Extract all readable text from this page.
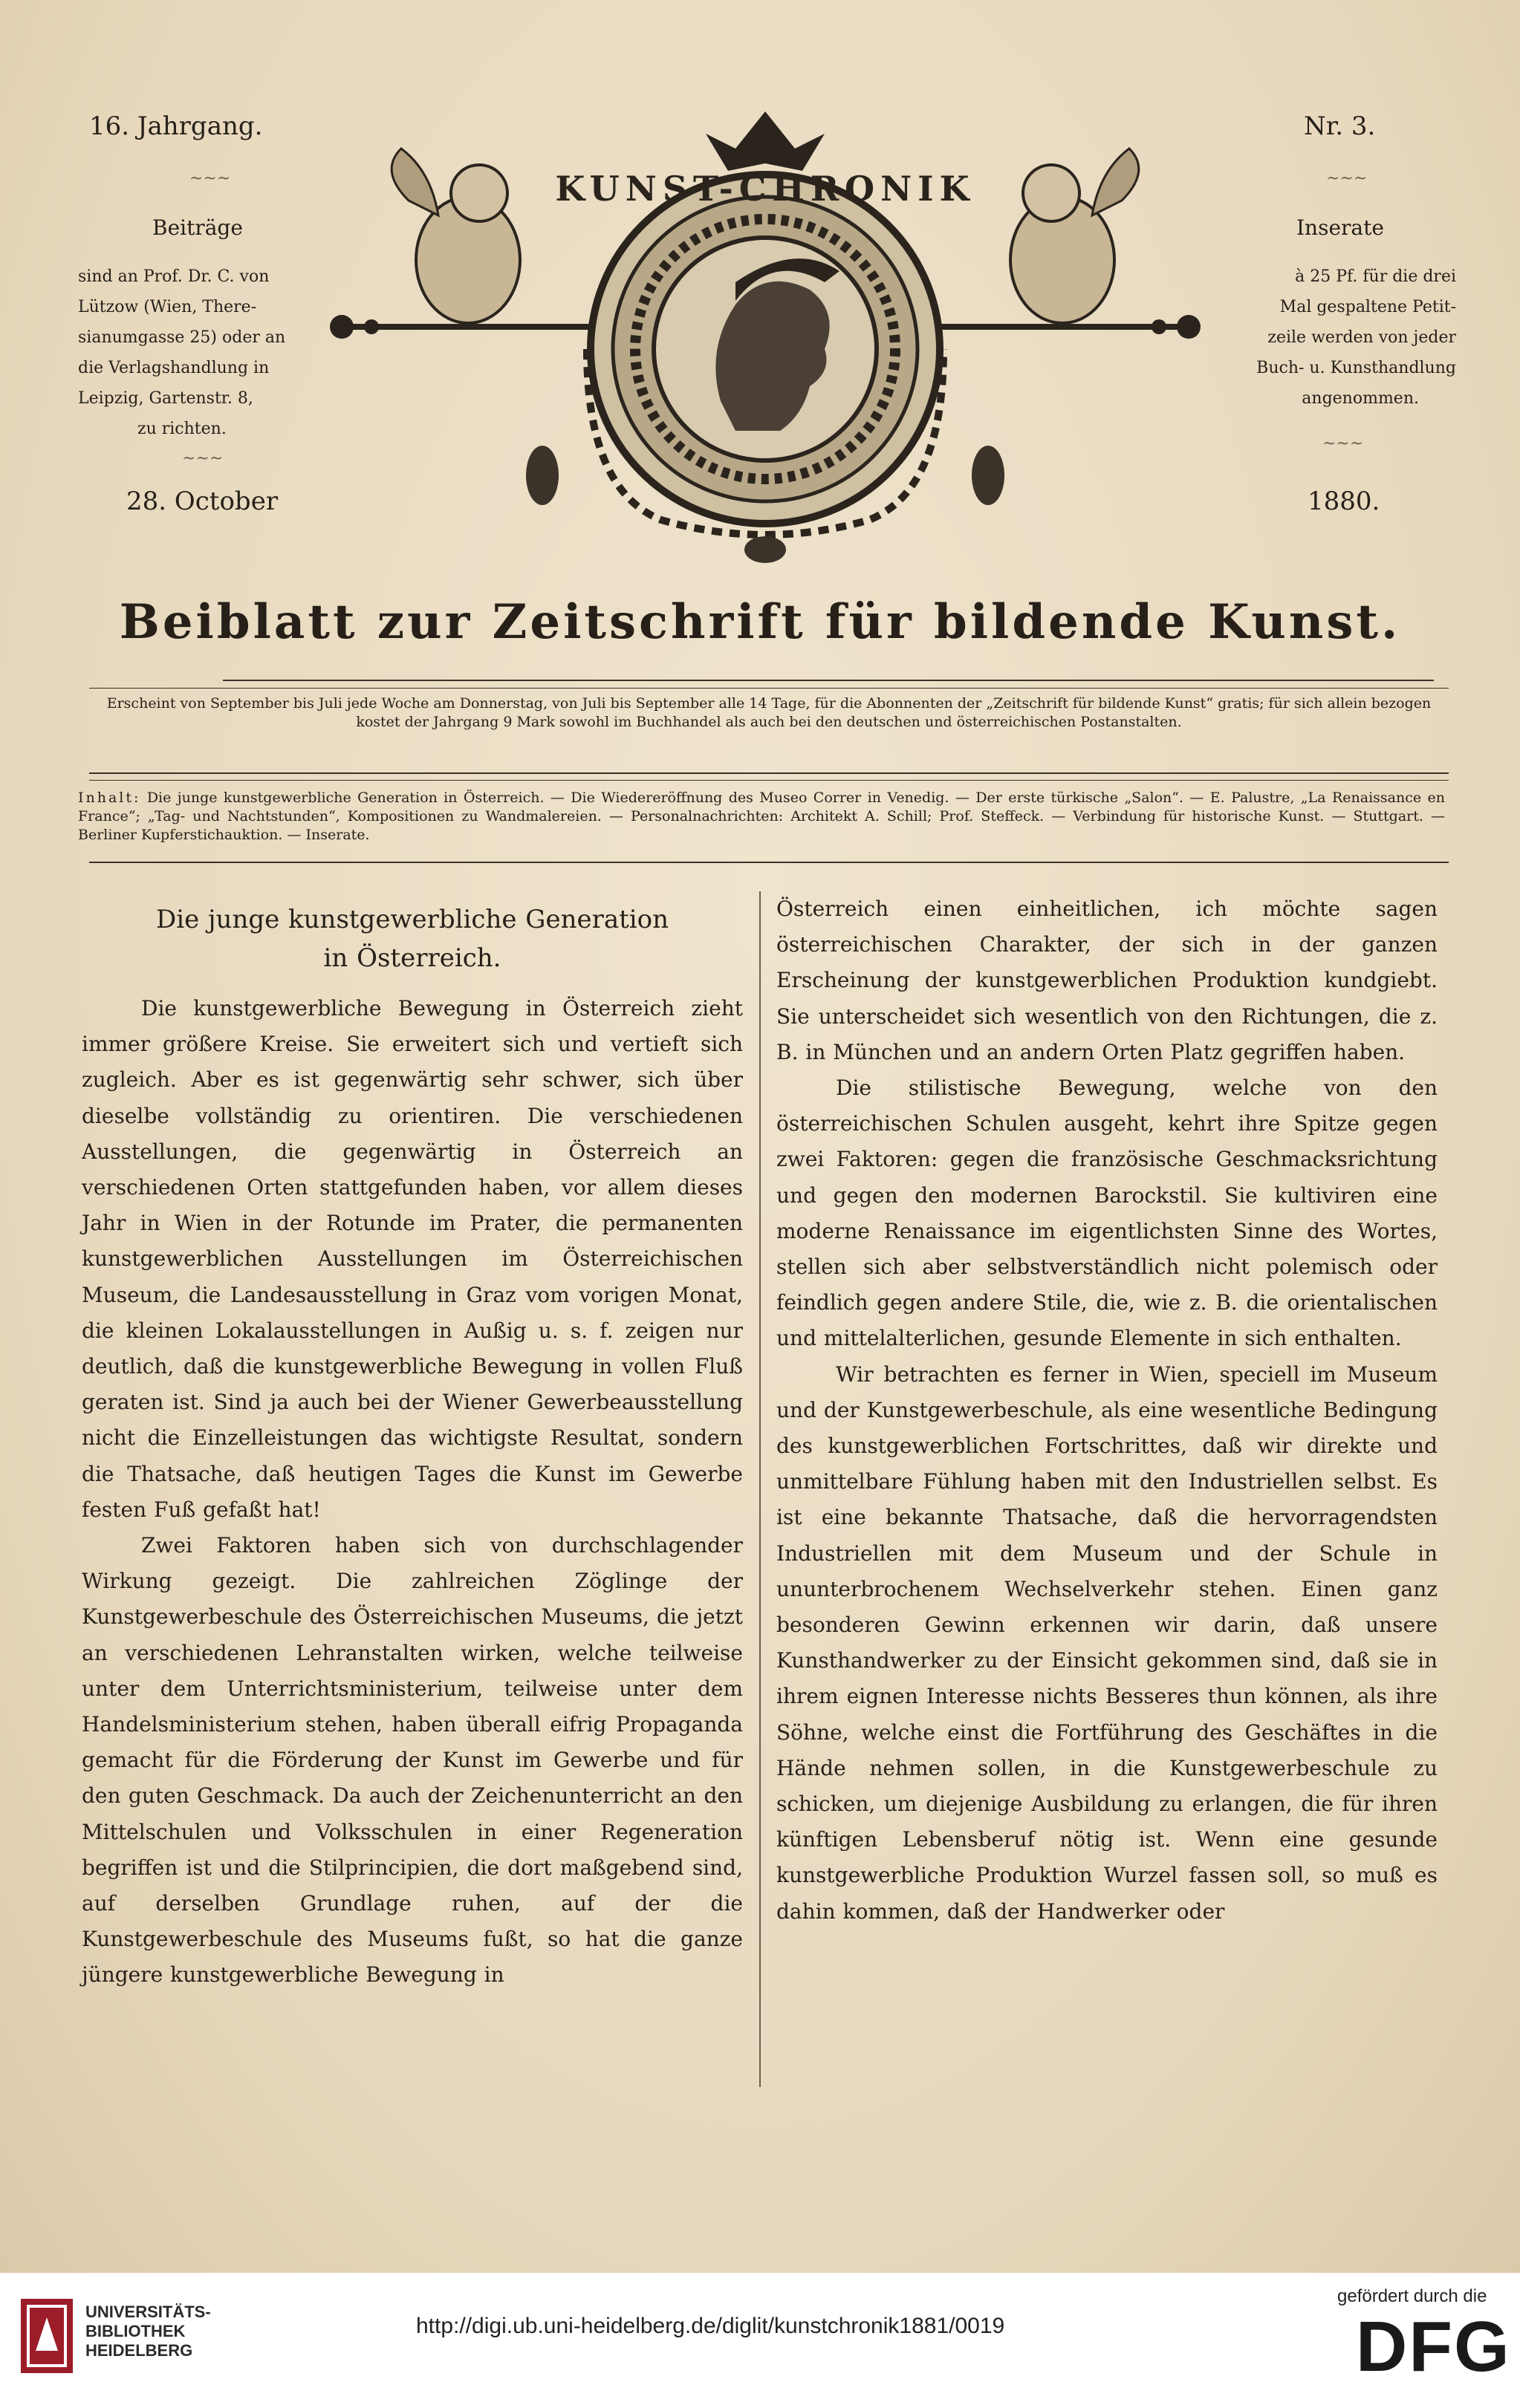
16. Jahrgang.	Nr. 3.
~~~
Beiträge
sind an Prof. Dr. C. von
Lützow (Wien, There-
sianumgasse 25) oder an
die Verlagshandlung in
Leipzig, Gartenstr. 8,
zu richten.
~~~
28. October
~~~
Inserate
à 25 Pf. für die drei
Mal gespaltene Petit-
zeile werden von jeder
Buch- u. Kunsthandlung
angenommen.
~~~
1880.
KUNST-CHRONIK
Beiblatt zur Zeitschrift für bildende Kunst.
Erscheint von September bis Juli jede Woche am Donnerstag, von Juli bis September alle 14 Tage, für die Abonnenten der „Zeitschrift für bildende Kunst“ gratis; für sich allein bezogen kostet der Jahrgang 9 Mark sowohl im Buchhandel als auch bei den deutschen und österreichischen Postanstalten.
Inhalt: Die junge kunstgewerbliche Generation in Österreich. — Die Wiedereröffnung des Museo Correr in Venedig. — Der erste türkische „Salon“. — E. Palustre, „La Renaissance en France“; „Tag- und Nachtstunden“, Kompositionen zu Wandmalereien. — Personalnachrichten: Architekt A. Schill; Prof. Steffeck. — Verbindung für historische Kunst. — Stuttgart. — Berliner Kupferstichauktion. — Inserate.
Die junge kunstgewerbliche Generation
in Österreich.

Die kunstgewerbliche Bewegung in Österreich zieht immer größere Kreise. Sie erweitert sich und vertieft sich zugleich. Aber es ist gegenwärtig sehr schwer, sich über dieselbe vollständig zu orientiren. Die verschiedenen Ausstellungen, die gegenwärtig in Österreich an verschiedenen Orten stattgefunden haben, vor allem dieses Jahr in Wien in der Rotunde im Prater, die permanenten kunstgewerblichen Ausstellungen im Österreichischen Museum, die Landesausstellung in Graz vom vorigen Monat, die kleinen Lokalausstellungen in Außig u. s. f. zeigen nur deutlich, daß die kunstgewerbliche Bewegung in vollen Fluß geraten ist. Sind ja auch bei der Wiener Gewerbeausstellung nicht die Einzelleistungen das wichtigste Resultat, sondern die Thatsache, daß heutigen Tages die Kunst im Gewerbe festen Fuß gefaßt hat!

Zwei Faktoren haben sich von durchschlagender Wirkung gezeigt. Die zahlreichen Zöglinge der Kunstgewerbeschule des Österreichischen Museums, die jetzt an verschiedenen Lehranstalten wirken, welche teilweise unter dem Unterrichtsministerium, teilweise unter dem Handelsministerium stehen, haben überall eifrig Propaganda gemacht für die Förderung der Kunst im Gewerbe und für den guten Geschmack. Da auch der Zeichenunterricht an den Mittelschulen und Volksschulen in einer Regeneration begriffen ist und die Stilprincipien, die dort maßgebend sind, auf derselben Grundlage ruhen, auf der die Kunstgewerbeschule des Museums fußt, so hat die ganze jüngere kunstgewerbliche Bewegung in

Österreich einen einheitlichen, ich möchte sagen österreichischen Charakter, der sich in der ganzen Erscheinung der kunstgewerblichen Produktion kundgiebt. Sie unterscheidet sich wesentlich von den Richtungen, die z. B. in München und an andern Orten Platz gegriffen haben.

Die stilistische Bewegung, welche von den österreichischen Schulen ausgeht, kehrt ihre Spitze gegen zwei Faktoren: gegen die französische Geschmacksrichtung und gegen den modernen Barockstil. Sie kultiviren eine moderne Renaissance im eigentlichsten Sinne des Wortes, stellen sich aber selbstverständlich nicht polemisch oder feindlich gegen andere Stile, die, wie z. B. die orientalischen und mittelalterlichen, gesunde Elemente in sich enthalten.

Wir betrachten es ferner in Wien, speciell im Museum und der Kunstgewerbeschule, als eine wesentliche Bedingung des kunstgewerblichen Fortschrittes, daß wir direkte und unmittelbare Fühlung haben mit den Industriellen selbst. Es ist eine bekannte Thatsache, daß die hervorragendsten Industriellen mit dem Museum und der Schule in ununterbrochenem Wechselverkehr stehen. Einen ganz besonderen Gewinn erkennen wir darin, daß unsere Kunsthandwerker zu der Einsicht gekommen sind, daß sie in ihrem eignen Interesse nichts Besseres thun können, als ihre Söhne, welche einst die Fortführung des Geschäftes in die Hände nehmen sollen, in die Kunstgewerbeschule zu schicken, um diejenige Ausbildung zu erlangen, die für ihren künftigen Lebensberuf nötig ist. Wenn eine gesunde kunstgewerbliche Produktion Wurzel fassen soll, so muß es dahin kommen, daß der Handwerker oder

UNIVERSITÄTS-
BIBLIOTHEK
HEIDELBERG
http://digi.ub.uni-heidelberg.de/diglit/kunstchronik1881/0019
gefördert durch die
DFG
